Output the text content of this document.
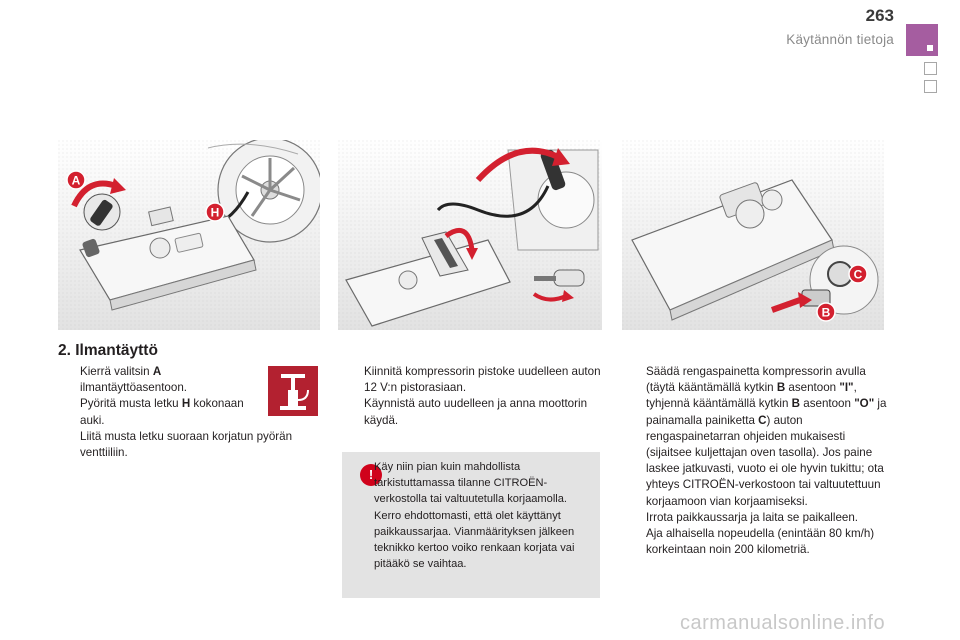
263
Käytännön tietoja
A
H
C
B
2. Ilmantäyttö
Kierrä valitsin A ilmantäyttöasentoon.
Pyöritä musta letku H kokonaan auki.
Liitä musta letku suoraan korjatun pyörän venttiiliin.
Kiinnitä kompressorin pistoke uudelleen auton 12 V:n pistorasiaan.
Käynnistä auto uudelleen ja anna moottorin käydä.
! Käy niin pian kuin mahdollista tarkistuttamassa tilanne CITROËN-verkostolla tai valtuutetulla korjaamolla. Kerro ehdottomasti, että olet käyttänyt paikkaussarjaa. Vianmäärityksen jälkeen teknikko kertoo voiko renkaan korjata vai pitääkö se vaihtaa.
Säädä rengaspainetta kompressorin avulla (täytä kääntämällä kytkin B asentoon "I", tyhjennä kääntämällä kytkin B asentoon "O" ja painamalla painiketta C) auton rengaspainetarran ohjeiden mukaisesti (sijaitsee kuljettajan oven tasolla). Jos paine laskee jatkuvasti, vuoto ei ole hyvin tukittu; ota yhteys CITROËN-verkostoon tai valtuutettuun korjaamoon vian korjaamiseksi.
Irrota paikkaussarja ja laita se paikalleen.
Aja alhaisella nopeudella (enintään 80 km/h) korkeintaan noin 200 kilometriä.
carmanualsonline.info
